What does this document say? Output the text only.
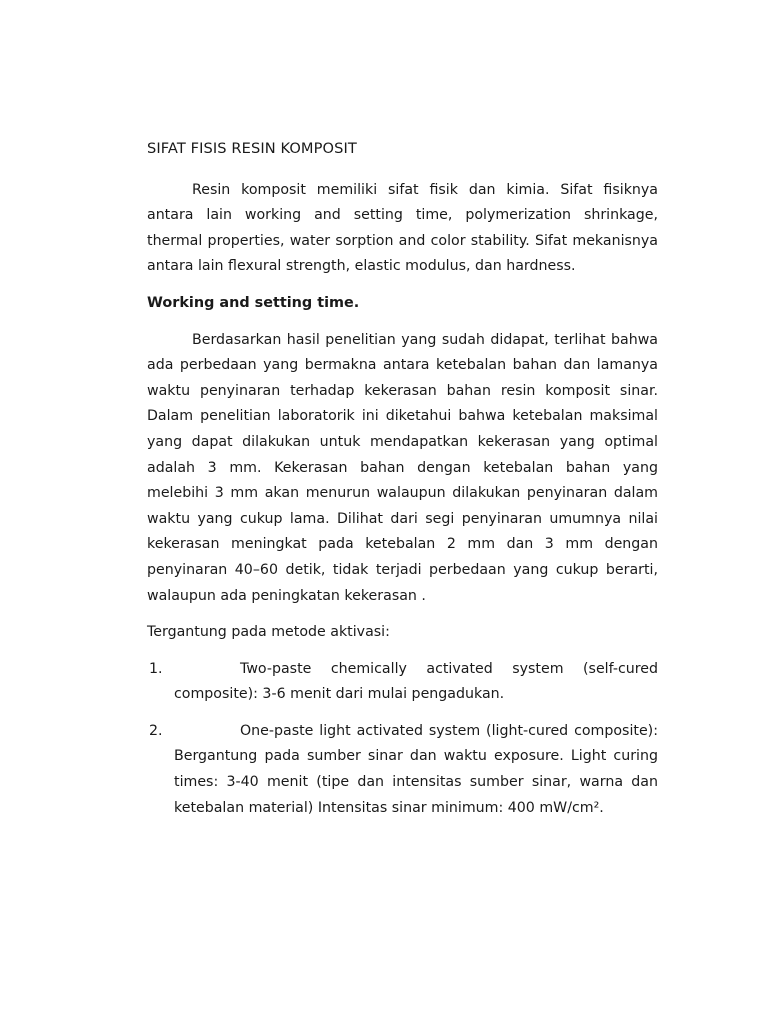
SIFAT FISIS RESIN KOMPOSIT

Resin komposit memiliki sifat fisik dan kimia. Sifat fisiknya antara lain working and setting time, polymerization shrinkage, thermal properties, water sorption and color stability. Sifat mekanisnya antara lain flexural strength, elastic modulus, dan hardness.

Working and setting time.

Berdasarkan hasil penelitian yang sudah didapat, terlihat bahwa ada perbedaan yang bermakna antara ketebalan bahan dan lamanya waktu penyinaran terhadap kekerasan bahan resin komposit sinar. Dalam penelitian laboratorik ini diketahui bahwa ketebalan maksimal yang dapat dilakukan untuk mendapatkan kekerasan yang optimal adalah 3 mm. Kekerasan bahan dengan ketebalan bahan yang melebihi 3 mm akan menurun walaupun dilakukan penyinaran dalam waktu yang cukup lama. Dilihat dari segi penyinaran umumnya nilai kekerasan meningkat pada ketebalan 2 mm dan 3 mm dengan penyinaran 40–60 detik, tidak terjadi perbedaan yang cukup berarti, walaupun ada peningkatan kekerasan .

Tergantung pada metode aktivasi:

1.	Two-paste chemically activated system (self-cured composite): 3-6 menit dari mulai pengadukan.
2.	One-paste light activated system (light-cured composite): Bergantung pada sumber sinar dan waktu exposure. Light curing times: 3-40 menit (tipe dan intensitas sumber sinar, warna dan ketebalan material) Intensitas sinar minimum: 400 mW/cm².
